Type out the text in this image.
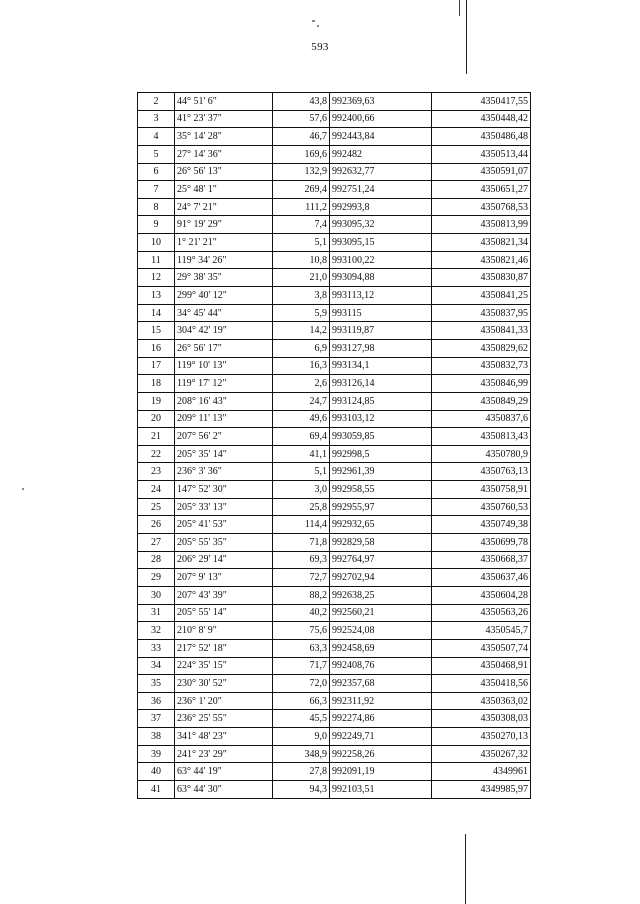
593
2	44° 51' 6"	43,8	992369,63	4350417,55
3	41° 23' 37"	57,6	992400,66	4350448,42
4	35° 14' 28"	46,7	992443,84	4350486,48
5	27° 14' 36"	169,6	992482	4350513,44
6	26° 56' 13"	132,9	992632,77	4350591,07
7	25° 48' 1"	269,4	992751,24	4350651,27
8	24° 7' 21"	111,2	992993,8	4350768,53
9	91° 19' 29"	7,4	993095,32	4350813,99
10	1° 21' 21"	5,1	993095,15	4350821,34
11	119° 34' 26"	10,8	993100,22	4350821,46
12	29° 38' 35"	21,0	993094,88	4350830,87
13	299° 40' 12"	3,8	993113,12	4350841,25
14	34° 45' 44"	5,9	993115	4350837,95
15	304° 42' 19"	14,2	993119,87	4350841,33
16	26° 56' 17"	6,9	993127,98	4350829,62
17	119° 10' 13"	16,3	993134,1	4350832,73
18	119° 17' 12"	2,6	993126,14	4350846,99
19	208° 16' 43"	24,7	993124,85	4350849,29
20	209° 11' 13"	49,6	993103,12	4350837,6
21	207° 56' 2"	69,4	993059,85	4350813,43
22	205° 35' 14"	41,1	992998,5	4350780,9
23	236° 3' 36"	5,1	992961,39	4350763,13
24	147° 52' 30"	3,0	992958,55	4350758,91
25	205° 33' 13"	25,8	992955,97	4350760,53
26	205° 41' 53"	114,4	992932,65	4350749,38
27	205° 55' 35"	71,8	992829,58	4350699,78
28	206° 29' 14"	69,3	992764,97	4350668,37
29	207° 9' 13"	72,7	992702,94	4350637,46
30	207° 43' 39"	88,2	992638,25	4350604,28
31	205° 55' 14"	40,2	992560,21	4350563,26
32	210° 8' 9"	75,6	992524,08	4350545,7
33	217° 52' 18"	63,3	992458,69	4350507,74
34	224° 35' 15"	71,7	992408,76	4350468,91
35	230° 30' 52"	72,0	992357,68	4350418,56
36	236° 1' 20"	66,3	992311,92	4350363,02
37	236° 25' 55"	45,5	992274,86	4350308,03
38	341° 48' 23"	9,0	992249,71	4350270,13
39	241° 23' 29"	348,9	992258,26	4350267,32
40	63° 44' 19"	27,8	992091,19	4349961
41	63° 44' 30"	94,3	992103,51	4349985,97
